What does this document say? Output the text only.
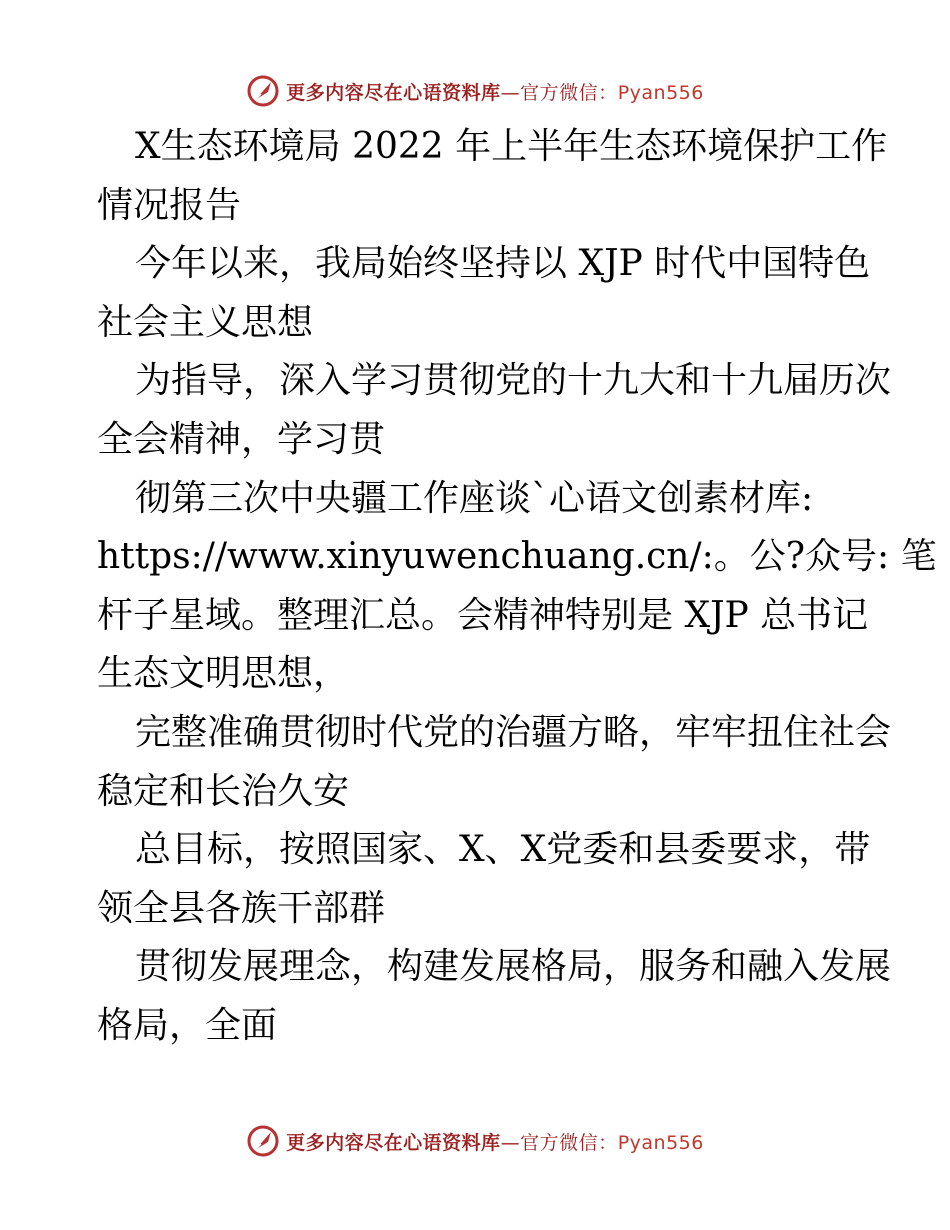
更多内容尽在心语资料库—官方微信：Pyan556

X生态环境局 2022 年上半年生态环境保护工作

情况报告

今年以来，我局始终坚持以 XJP 时代中国特色

社会主义思想

为指导，深入学习贯彻党的十九大和十九届历次

全会精神，学习贯

彻第三次中央疆工作座谈`心语文创素材库:

https://www.xinyuwenchuang.cn/:。公?众号: 笔

杆子星域。整理汇总。会精神特别是 XJP 总书记

生态文明思想，

完整准确贯彻时代党的治疆方略，牢牢扭住社会

稳定和长治久安

总目标，按照国家、X、X党委和县委要求，带

领全县各族干部群

贯彻发展理念，构建发展格局，服务和融入发展

格局，全面

更多内容尽在心语资料库—官方微信：Pyan556
